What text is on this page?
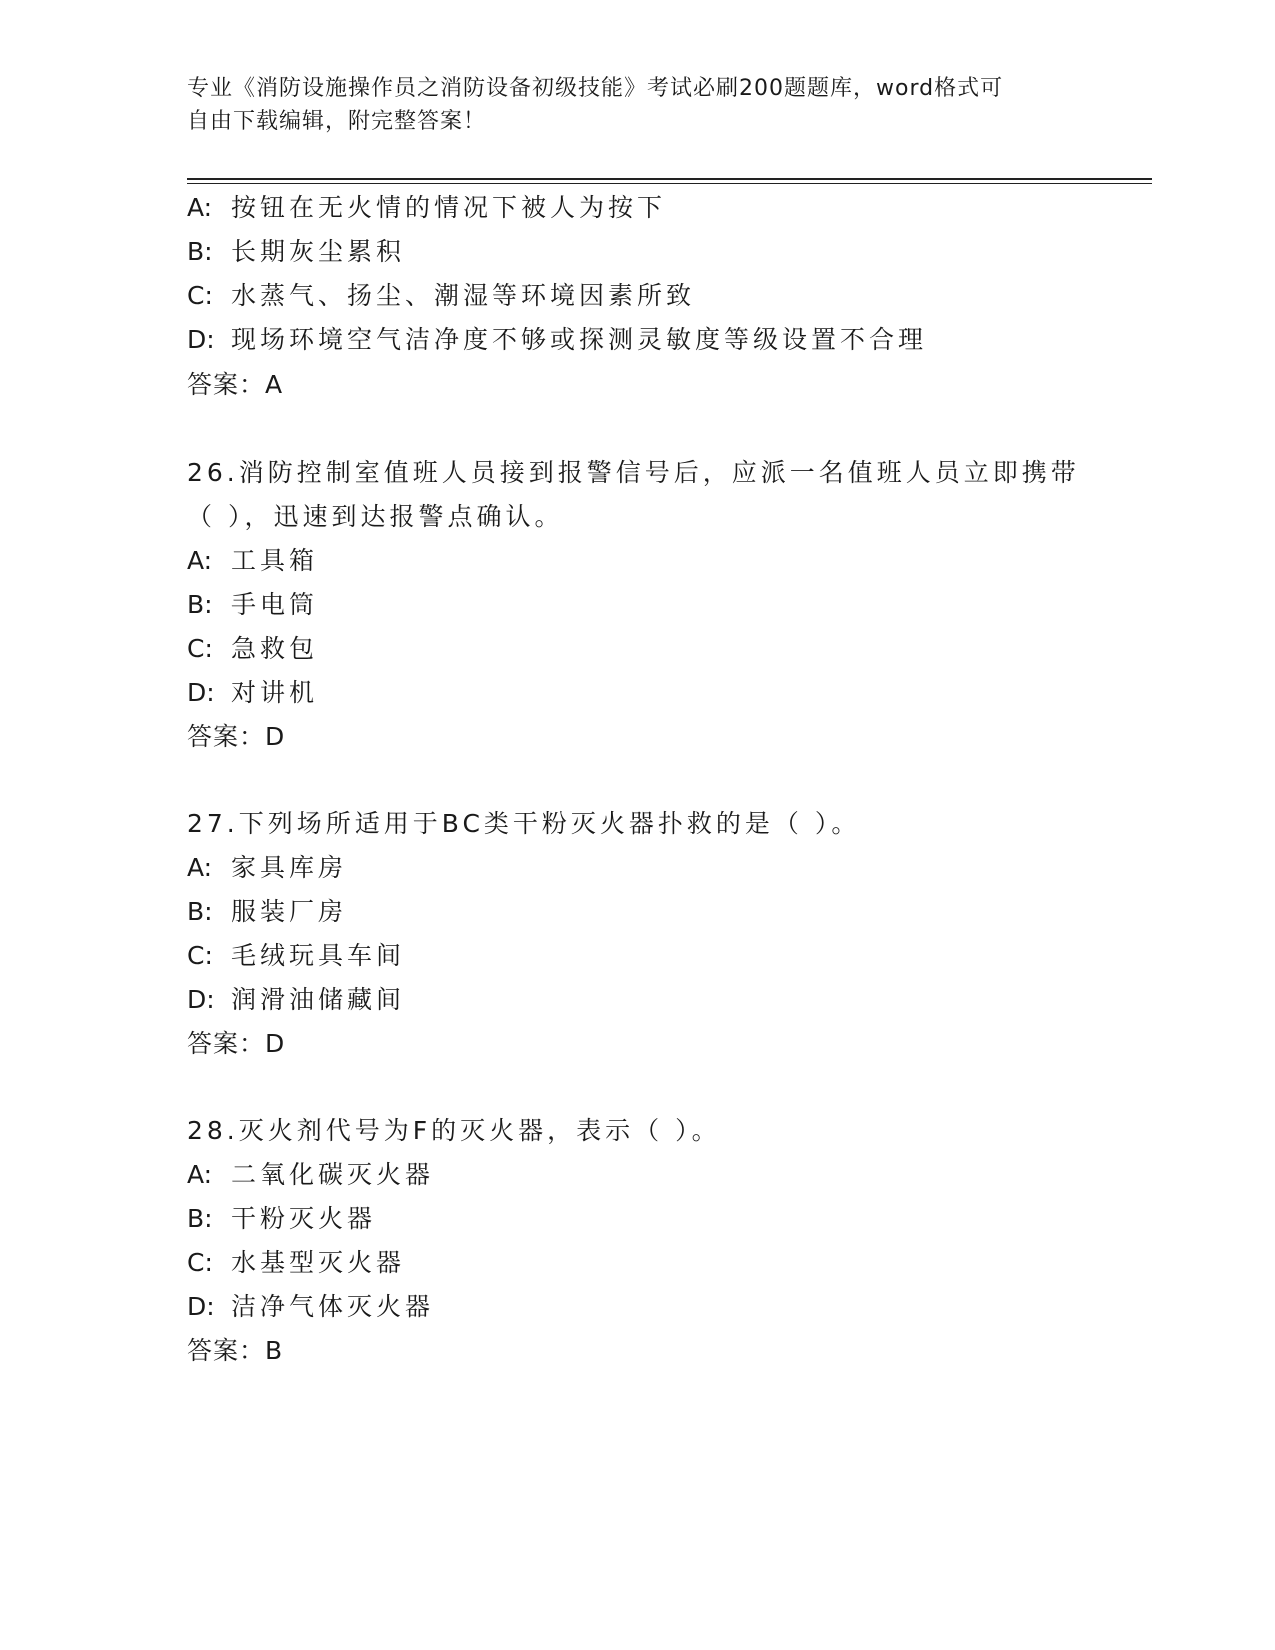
专业《消防设施操作员之消防设备初级技能》考试必刷200题题库，word格式可
自由下载编辑，附完整答案！
A: 按钮在无火情的情况下被人为按下
B: 长期灰尘累积
C: 水蒸气、扬尘、潮湿等环境因素所致
D: 现场环境空气洁净度不够或探测灵敏度等级设置不合理
答案：A
26.消防控制室值班人员接到报警信号后，应派一名值班人员立即携带
（ ），迅速到达报警点确认。
A: 工具箱
B: 手电筒
C: 急救包
D: 对讲机
答案：D
27.下列场所适用于BC类干粉灭火器扑救的是（ ）。
A: 家具库房
B: 服装厂房
C: 毛绒玩具车间
D: 润滑油储藏间
答案：D
28.灭火剂代号为F的灭火器，表示（ ）。
A: 二氧化碳灭火器
B: 干粉灭火器
C: 水基型灭火器
D: 洁净气体灭火器
答案：B
